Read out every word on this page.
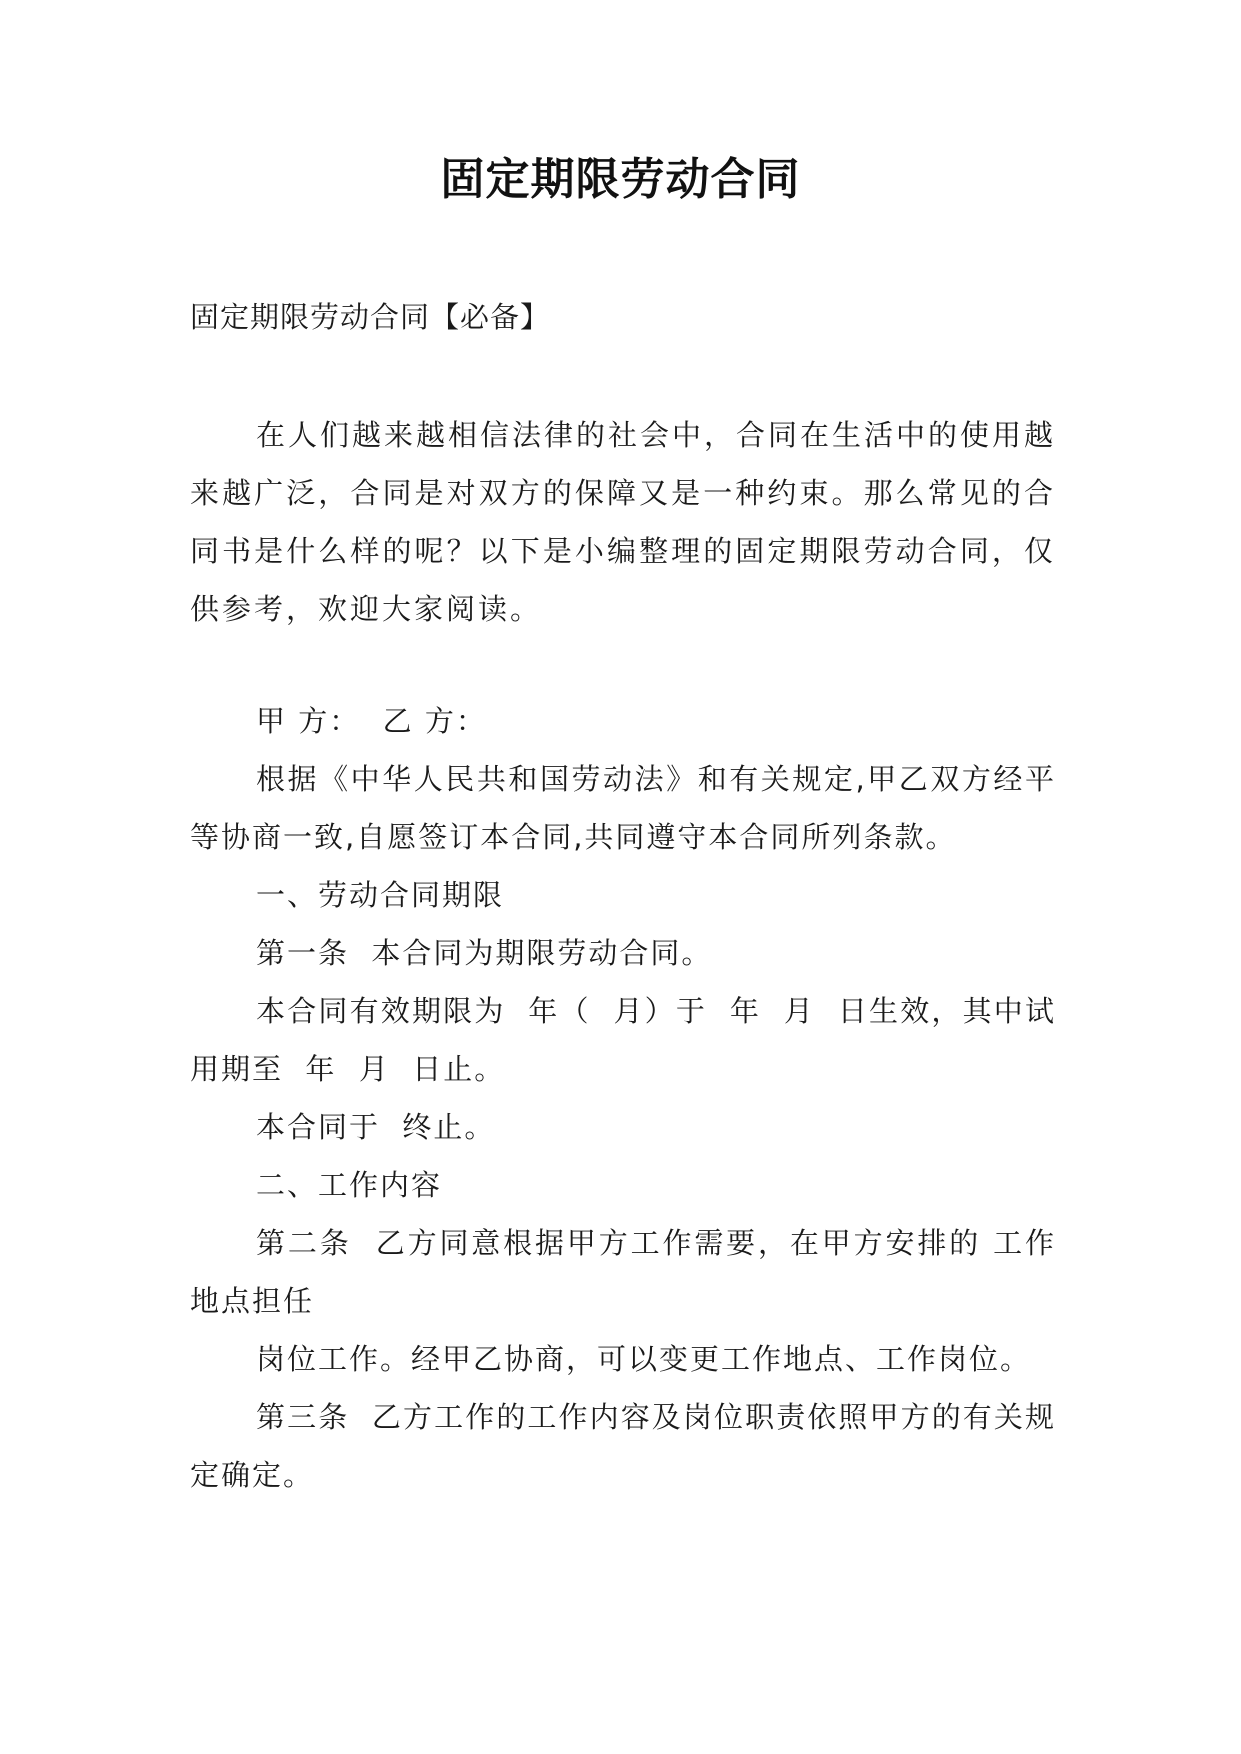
固定期限劳动合同

固定期限劳动合同【必备】

在人们越来越相信法律的社会中，合同在生活中的使用越来越广泛，合同是对双方的保障又是一种约束。那么常见的合同书是什么样的呢？以下是小编整理的固定期限劳动合同，仅供参考，欢迎大家阅读。

甲 方：  乙 方：

根据《中华人民共和国劳动法》和有关规定,甲乙双方经平等协商一致,自愿签订本合同,共同遵守本合同所列条款。

一、劳动合同期限

第一条  本合同为期限劳动合同。

本合同有效期限为  年（  月）于  年  月  日生效，其中试用期至  年  月  日止。

本合同于  终止。

二、工作内容

第二条  乙方同意根据甲方工作需要，在甲方安排的 工作地点担任

岗位工作。经甲乙协商，可以变更工作地点、工作岗位。

第三条  乙方工作的工作内容及岗位职责依照甲方的有关规定确定。
